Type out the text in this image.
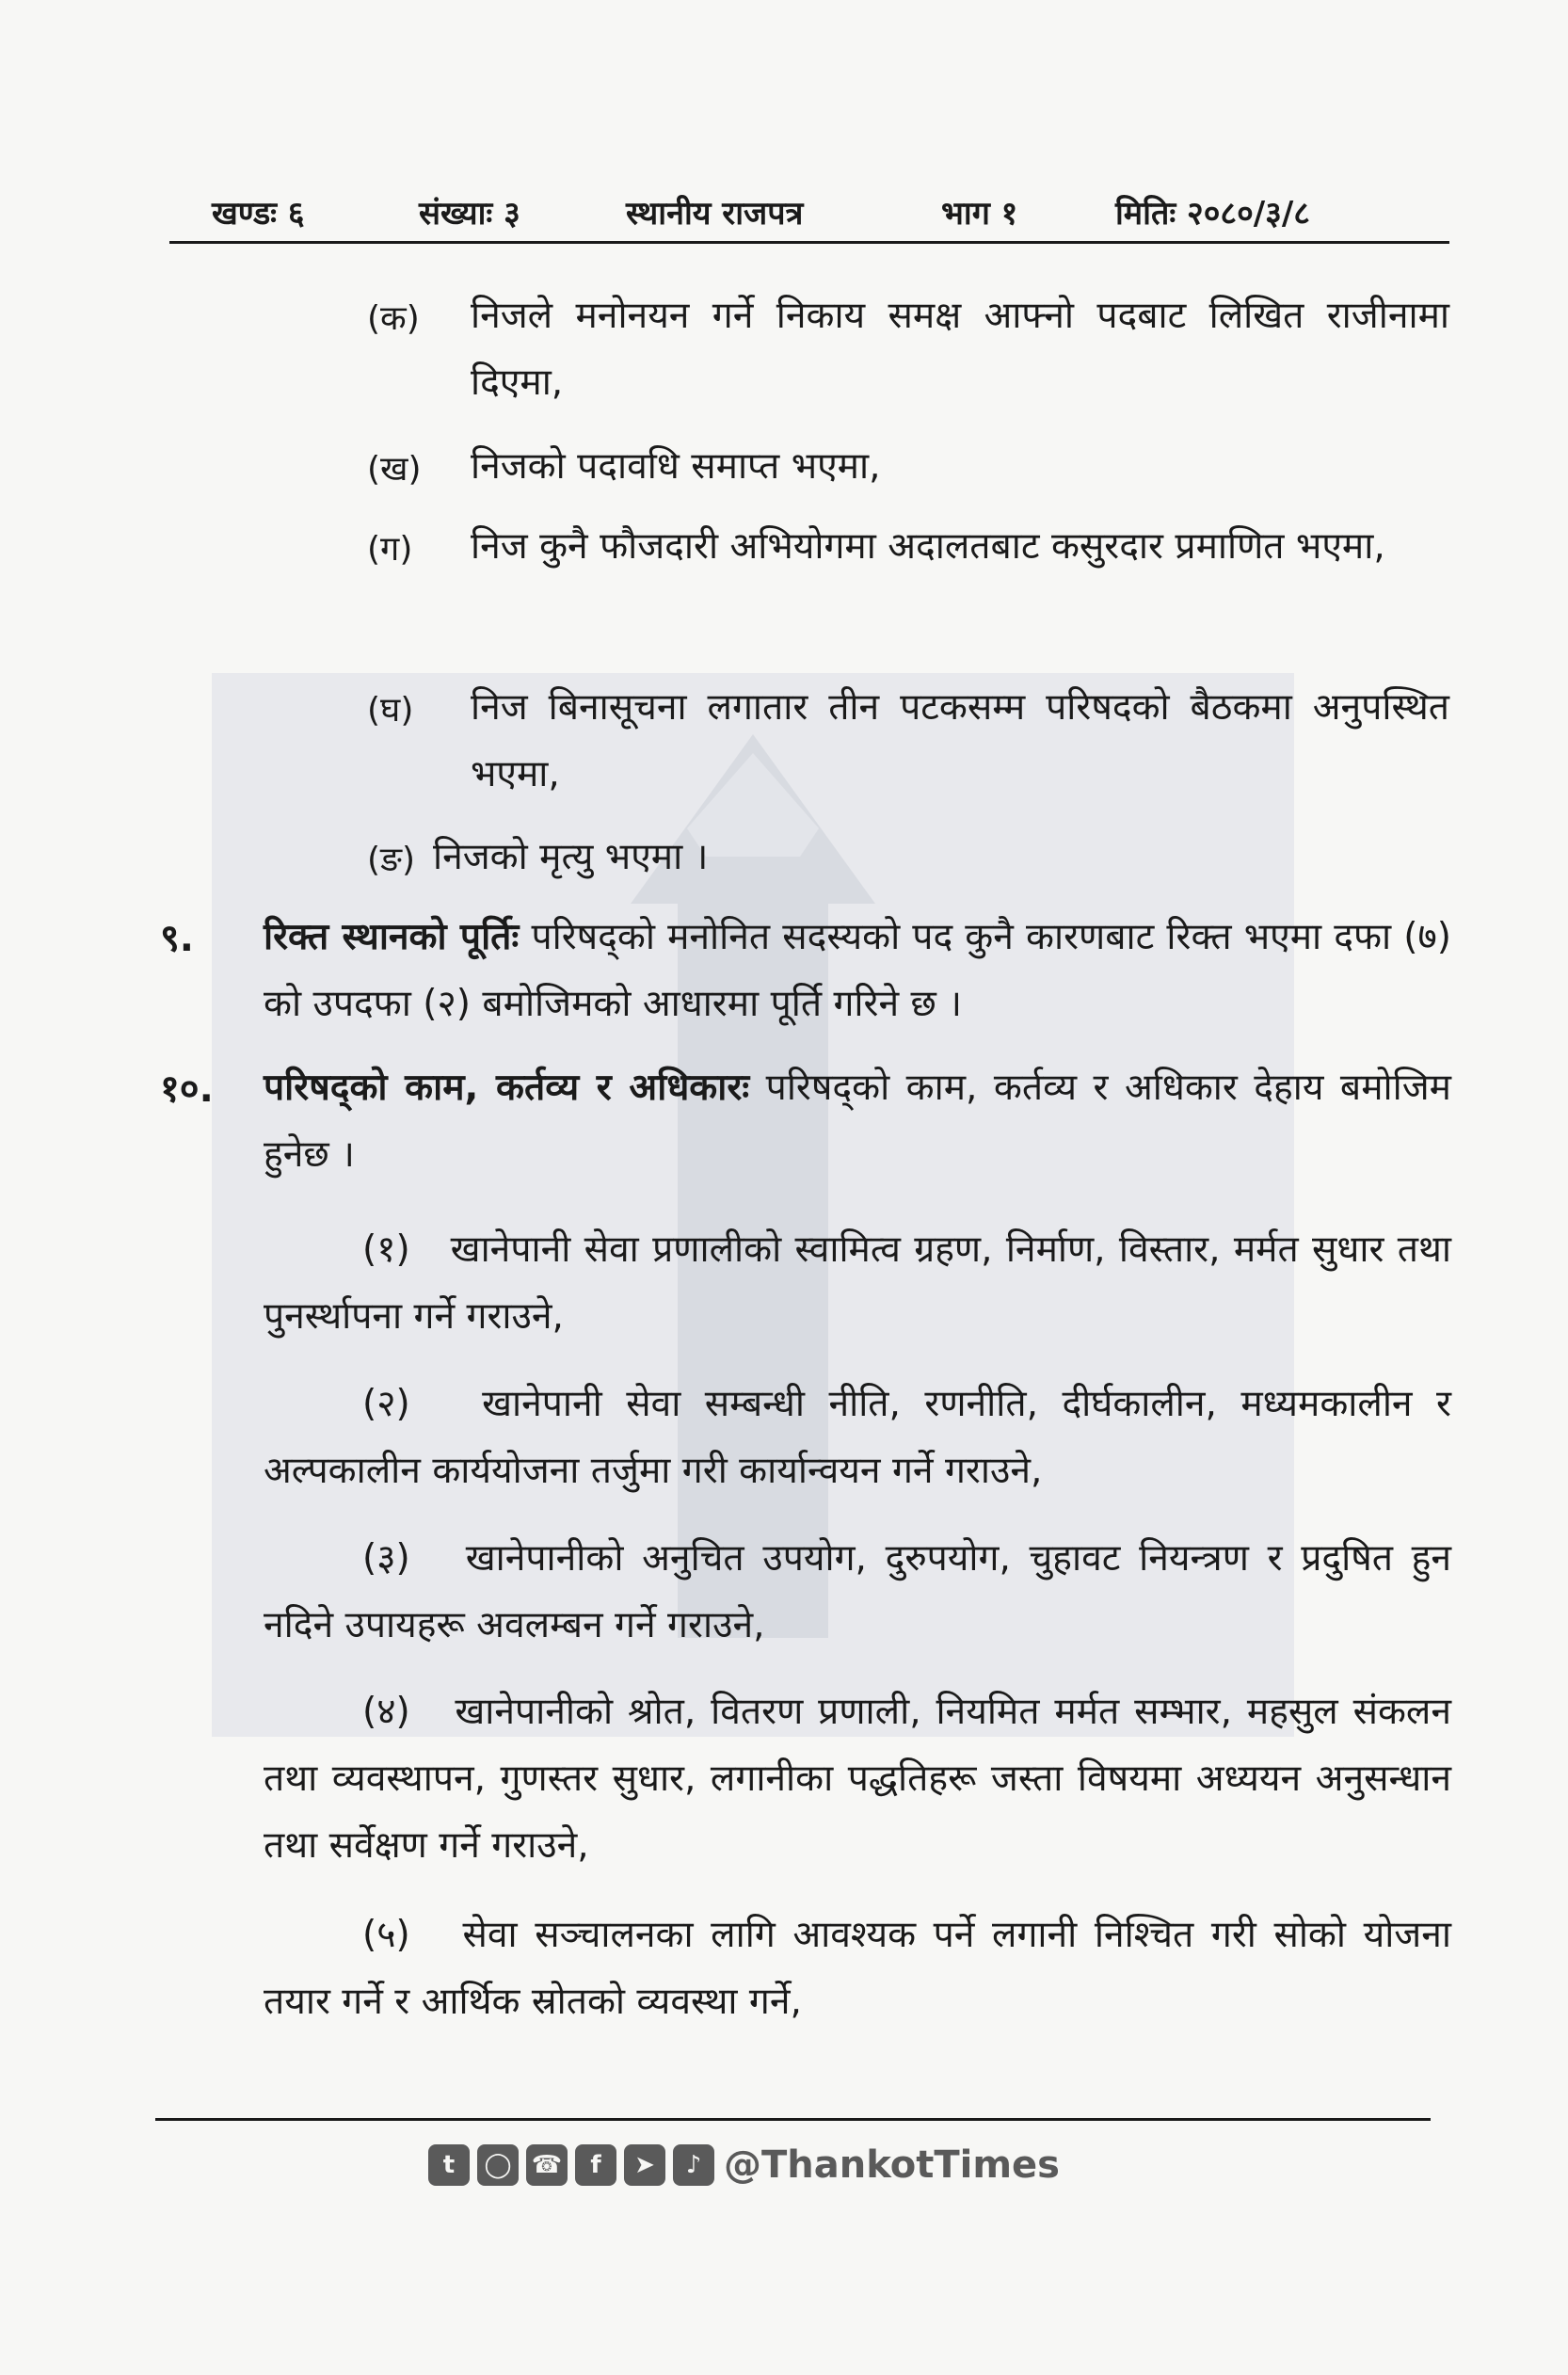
खण्डः ६	संख्याः ३	स्थानीय राजपत्र	भाग १	मितिः २०८०/३/८
(क) निजले मनोनयन गर्ने निकाय समक्ष आफ्नो पदबाट लिखित राजीनामा दिएमा,
(ख) निजको पदावधि समाप्त भएमा,
(ग) निज कुनै फौजदारी अभियोगमा अदालतबाट कसुरदार प्रमाणित भएमा,
(घ) निज बिनासूचना लगातार तीन पटकसम्म परिषदको बैठकमा अनुपस्थित भएमा,
(ङ) निजको मृत्यु भएमा ।
९. रिक्त स्थानको पूर्तिः परिषद्को मनोनित सदस्यको पद कुनै कारणबाट रिक्त भएमा दफा (७) को उपदफा (२) बमोजिमको आधारमा पूर्ति गरिने छ ।
१०. परिषद्को काम, कर्तव्य र अधिकारः परिषद्को काम, कर्तव्य र अधिकार देहाय बमोजिम हुनेछ ।
(१) खानेपानी सेवा प्रणालीको स्वामित्व ग्रहण, निर्माण, विस्तार, मर्मत सुधार तथा पुनर्स्थापना गर्ने गराउने,
(२) खानेपानी सेवा सम्बन्धी नीति, रणनीति, दीर्घकालीन, मध्यमकालीन र अल्पकालीन कार्ययोजना तर्जुमा गरी कार्यान्वयन गर्ने गराउने,
(३) खानेपानीको अनुचित उपयोग, दुरुपयोग, चुहावट नियन्त्रण र प्रदुषित हुन नदिने उपायहरू अवलम्बन गर्ने गराउने,
(४) खानेपानीको श्रोत, वितरण प्रणाली, नियमित मर्मत सम्भार, महसुल संकलन तथा व्यवस्थापन, गुणस्तर सुधार, लगानीका पद्धतिहरू जस्ता विषयमा अध्ययन अनुसन्धान तथा सर्वेक्षण गर्ने गराउने,
(५) सेवा सञ्चालनका लागि आवश्यक पर्ने लगानी निश्चित गरी सोको योजना तयार गर्ने र आर्थिक स्रोतको व्यवस्था गर्ने,
t	◯ ☎	f	➤	♪ @ThankotTimes
